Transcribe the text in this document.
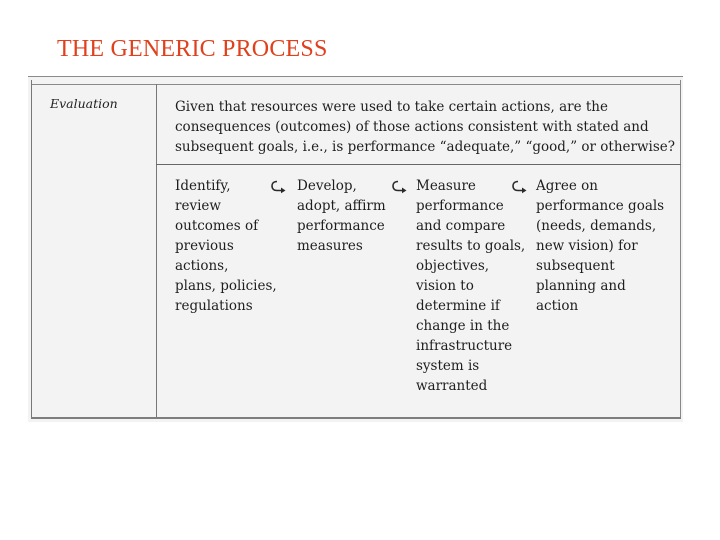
THE GENERIC PROCESS

Evaluation	Given that resources were used to take certain actions, are the consequences (outcomes) of those actions consistent with stated and subsequent goals, i.e., is performance “adequate,” “good,” or otherwise?

Identify,
review
outcomes of
previous
actions,
plans, policies,
regulations

Develop,
adopt, affirm
performance
measures

Measure
performance
and compare
results to goals,
objectives,
vision to
determine if
change in the
infrastructure
system is
warranted

Agree on
performance goals
(needs, demands,
new vision) for
subsequent
planning and
action
